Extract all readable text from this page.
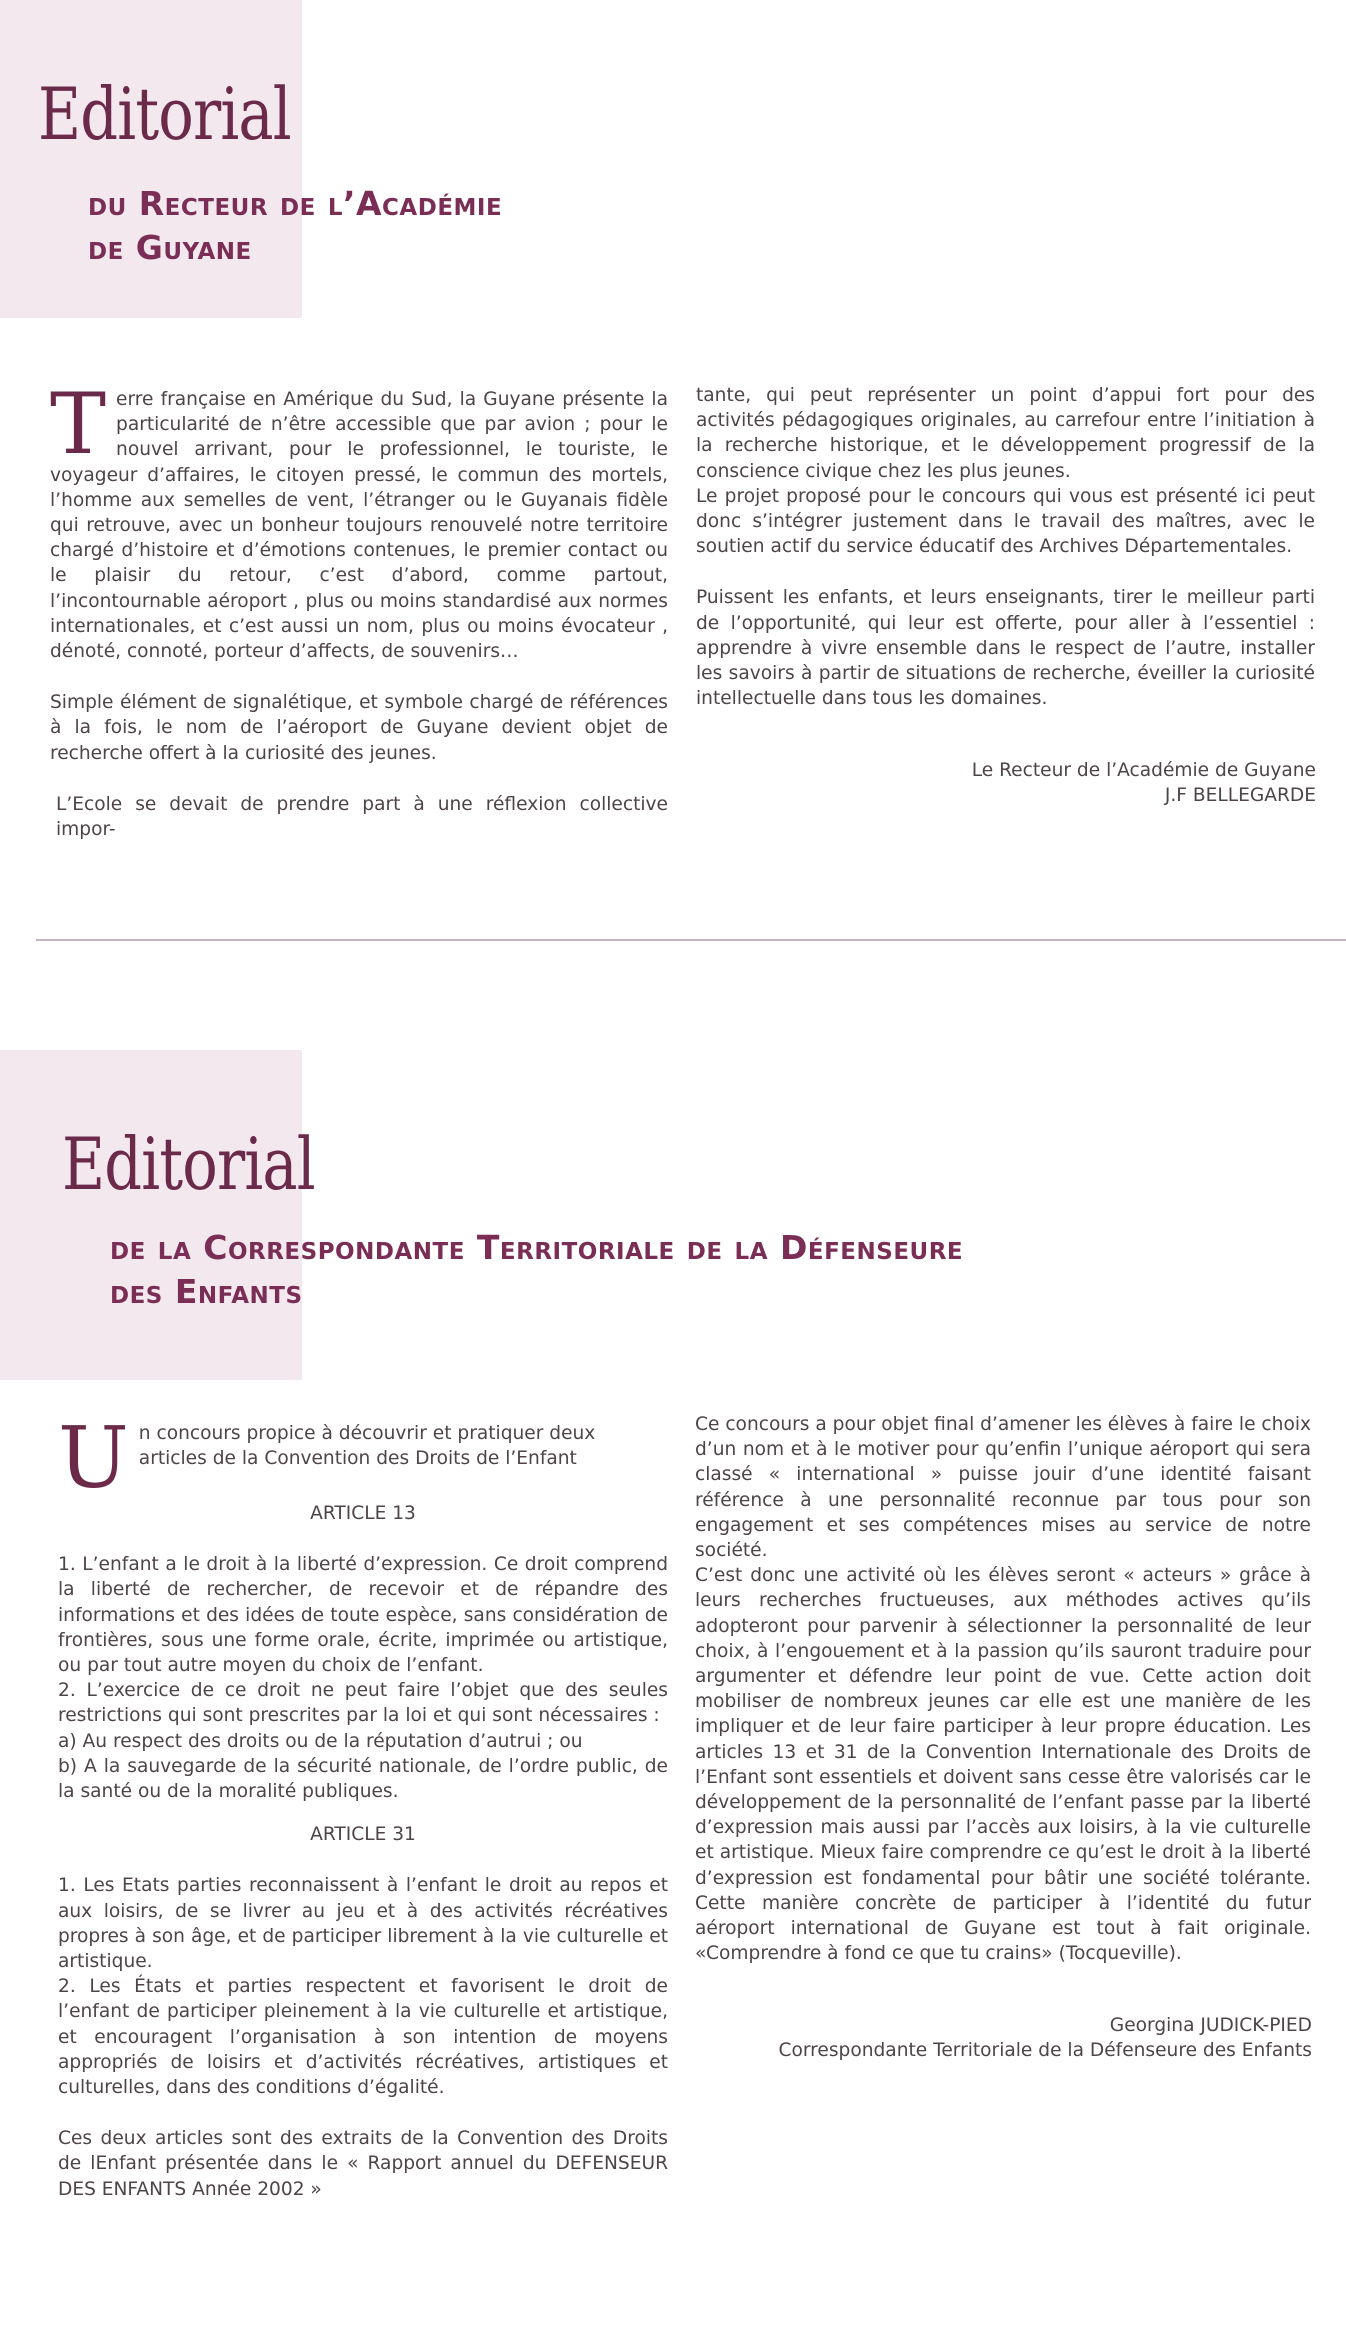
Editorial
du Recteur de l’Académie
de Guyane
T erre française en Amérique du Sud, la Guyane présente la particularité de n’être accessible que par avion ; pour le nouvel arrivant, pour le professionnel, le touriste, le voyageur d’affaires, le citoyen pressé, le commun des mortels, l’homme aux semelles de vent, l’étranger ou le Guyanais fidèle qui retrouve, avec un bonheur toujours renouvelé notre territoire chargé d’histoire et d’émotions contenues, le premier contact ou le plaisir du retour, c’est d’abord, comme partout, l’incontournable aéroport , plus ou moins standardisé aux normes internationales, et c’est aussi un nom, plus ou moins évocateur , dénoté, connoté, porteur d’affects, de souvenirs…

Simple élément de signalétique, et symbole chargé de références à la fois, le nom de l’aéroport de Guyane devient objet de recherche offert à la curiosité des jeunes.

L’Ecole se devait de prendre part à une réflexion collective impor-

tante, qui peut représenter un point d’appui fort pour des activités pédagogiques originales, au carrefour entre l’initiation à la recherche historique, et le développement progressif de la conscience civique chez les plus jeunes.

Le projet proposé pour le concours qui vous est présenté ici peut donc s’intégrer justement dans le travail des maîtres, avec le soutien actif du service éducatif des Archives Départementales.

Puissent les enfants, et leurs enseignants, tirer le meilleur parti de l’opportunité, qui leur est offerte, pour aller à l’essentiel : apprendre à vivre ensemble dans le respect de l’autre, installer les savoirs à partir de situations de recherche, éveiller la curiosité intellectuelle dans tous les domaines.

Le Recteur de l’Académie de Guyane
J.F BELLEGARDE
Editorial
de la Correspondante Territoriale de la Défenseure
des Enfants
U n concours propice à découvrir et pratiquer deux articles de la Convention des Droits de l’Enfant

ARTICLE 13

1. L’enfant a le droit à la liberté d’expression. Ce droit comprend la liberté de rechercher, de recevoir et de répandre des informations et des idées de toute espèce, sans considération de frontières, sous une forme orale, écrite, imprimée ou artistique, ou par tout autre moyen du choix de l’enfant.

2. L’exercice de ce droit ne peut faire l’objet que des seules restrictions qui sont prescrites par la loi et qui sont nécessaires :

a) Au respect des droits ou de la réputation d’autrui ; ou

b) A la sauvegarde de la sécurité nationale, de l’ordre public, de la santé ou de la moralité publiques.

ARTICLE 31

1. Les Etats parties reconnaissent à l’enfant le droit au repos et aux loisirs, de se livrer au jeu et à des activités récréatives propres à son âge, et de participer librement à la vie culturelle et artistique.

2. Les États et parties respectent et favorisent le droit de l’enfant de participer pleinement à la vie culturelle et artistique, et encouragent l’organisation à son intention de moyens appropriés de loisirs et d’activités récréatives, artistiques et culturelles, dans des conditions d’égalité.

Ces deux articles sont des extraits de la Convention des Droits de lEnfant présentée dans le « Rapport annuel du DEFENSEUR DES ENFANTS Année 2002 »

Ce concours a pour objet final d’amener les élèves à faire le choix d’un nom et à le motiver pour qu’enfin l’unique aéroport qui sera classé « international » puisse jouir d’une identité faisant référence à une personnalité reconnue par tous pour son engagement et ses compétences mises au service de notre société.

C’est donc une activité où les élèves seront « acteurs » grâce à leurs recherches fructueuses, aux méthodes actives qu’ils adopteront pour parvenir à sélectionner la personnalité de leur choix, à l’engouement et à la passion qu’ils sauront traduire pour argumenter et défendre leur point de vue. Cette action doit mobiliser de nombreux jeunes car elle est une manière de les impliquer et de leur faire participer à leur propre éducation. Les articles 13 et 31 de la Convention Internationale des Droits de l’Enfant sont essentiels et doivent sans cesse être valorisés car le développement de la personnalité de l’enfant passe par la liberté d’expression mais aussi par l’accès aux loisirs, à la vie culturelle et artistique. Mieux faire comprendre ce qu’est le droit à la liberté d’expression est fondamental pour bâtir une société tolérante. Cette manière concrète de participer à l’identité du futur aéroport international de Guyane est tout à fait originale. «Comprendre à fond ce que tu crains» (Tocqueville).

Georgina JUDICK-PIED
Correspondante Territoriale de la Défenseure des Enfants
